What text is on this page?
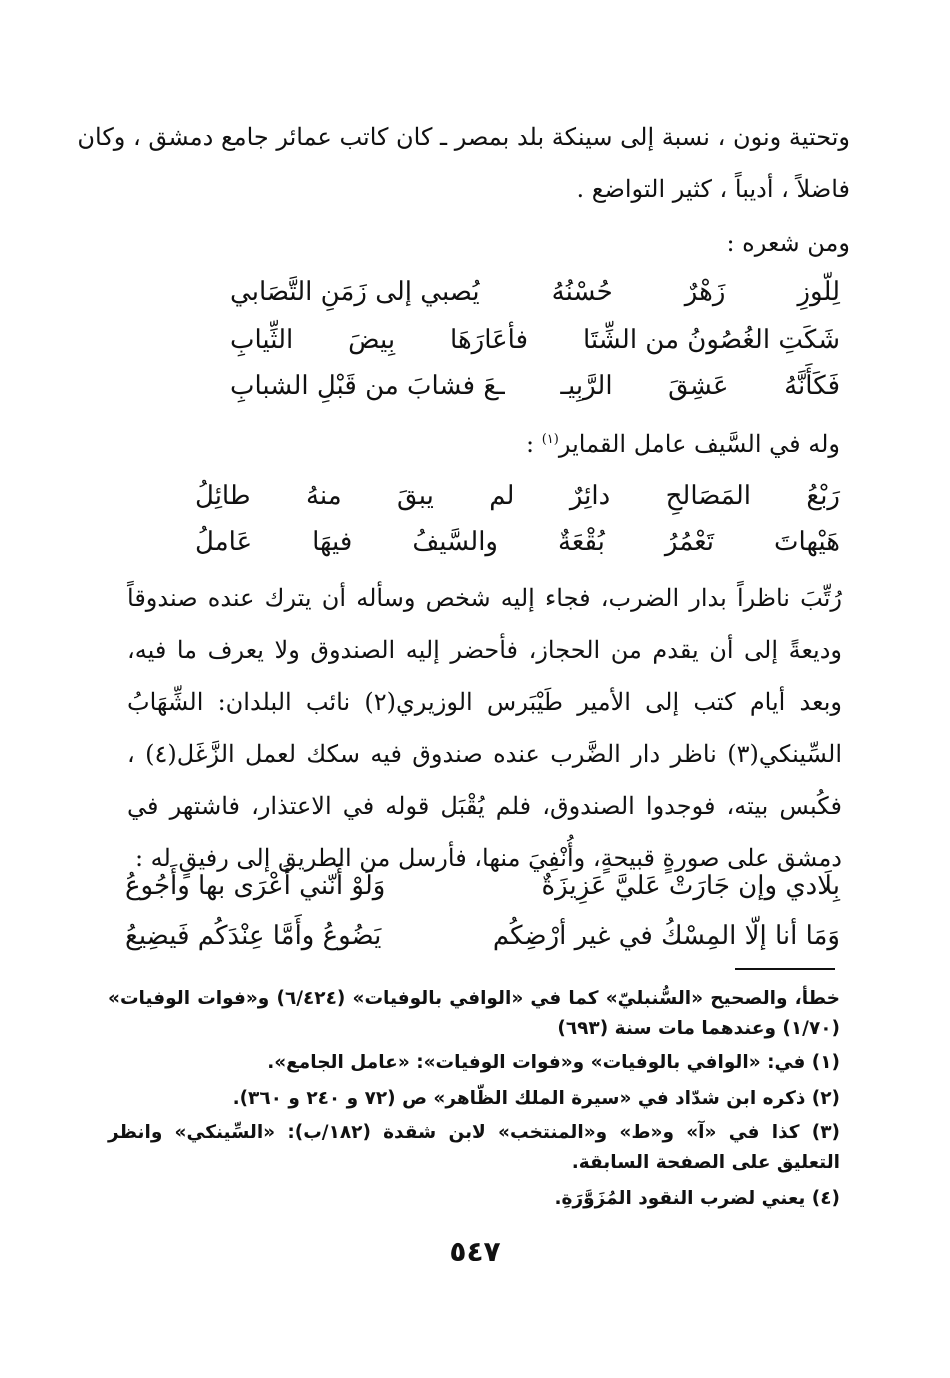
وتحتية ونون ، نسبة إلى سينكة بلد بمصر ـ كان كاتب عمائر جامع دمشق ، وكان
فاضلاً ، أديباً ، كثير التواضع .
ومن شعره :
لِلّوزِ
زَهْرٌ
حُسْنُهُ
يُصبي إلى زَمَنِ التَّصَابي
شَكَتِ الغُصُونُ من الشِّتَا
فأعَارَهَا
بِيضَ
الثِّيابِ
فَكَأَنَّهُ
عَشِقَ
الرَّبِيـ
ـعَ فشابَ من قَبْلِ الشبابِ
وله في السَّيف عامل القماير$^{(١)}$ :
رَبْعُ
المَصَالحِ
دائِرٌ
لم
يبقَ
منهُ
طائِلُ
هَيْهاتَ
تَعْمُرُ
بُقْعَةٌ
والسَّيفُ
فيهَا
عَاملُ
رُتِّبَ ناظراً بدار الضرب، فجاء إليه شخص وسأله أن يترك عنده صندوقاً
وديعةً إلى أن يقدم من الحجاز، فأحضر إليه الصندوق ولا يعرف ما فيه،
وبعد أيام كتب إلى الأمير طَيْبَرس الوزيري(٢) نائب البلدان: الشِّهَابُ
السِّينكي(٣) ناظر دار الضَّرب عنده صندوق فيه سكك لعمل الزَّغَل(٤) ،
فكُبس بيته، فوجدوا الصندوق، فلم يُقْبَل قوله في الاعتذار، فاشتهر في
دمشق على صورةٍ قبيحةٍ، وأُنْفِيَ منها، فأرسل من الطريق إلى رفيقٍ له :
بِلَادي وإن جَارَتْ عَليَّ عَزِيزَةٌ
وَلَوْ أَنّني أَعْرَى بها وأَجُوعُ
وَمَا أنا إلّا المِسْكُ في غير أرْضِكُم
يَضُوعُ وأَمَّا عِنْدَكُم فَيضِيعُ
خطأ، والصحيح «السُّنبليّ» كما في «الوافي بالوفيات» (٦/٤٢٤) و«فوات الوفيات» (١/٧٠) وعندهما مات سنة (٦٩٣)
(١) في: «الوافي بالوفيات» و«فوات الوفيات»: «عامل الجامع».
(٢) ذكره ابن شدّاد في «سيرة الملك الظّاهر» ص (٧٢ و ٢٤٠ و ٣٦٠).
(٣) كذا في «آ» و«ط» و«المنتخب» لابن شقدة (١٨٢/ب): «السِّينكي» وانظر التعليق على الصفحة السابقة.
(٤) يعني لضرب النقود المُزَوَّرَةِ.
٥٤٧
